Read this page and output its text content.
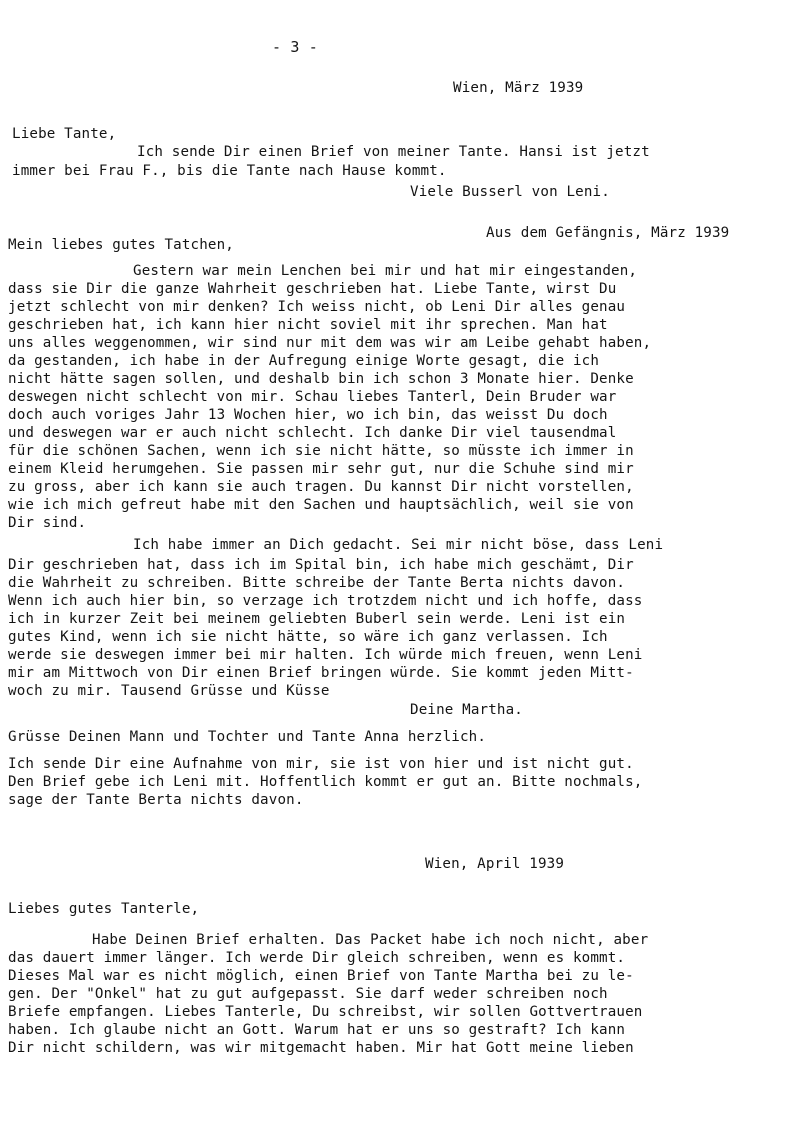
- 3 -
Wien, März 1939
Liebe Tante,
Ich sende Dir einen Brief von meiner Tante. Hansi ist jetzt
immer bei Frau F., bis die Tante nach Hause kommt.
Viele Busserl von Leni.
Aus dem Gefängnis, März 1939
Mein liebes gutes Tatchen,
Gestern war mein Lenchen bei mir und hat mir eingestanden,
dass sie Dir die ganze Wahrheit geschrieben hat. Liebe Tante, wirst Du
jetzt schlecht von mir denken? Ich weiss nicht, ob Leni Dir alles genau
geschrieben hat, ich kann hier nicht soviel mit ihr sprechen. Man hat
uns alles weggenommen, wir sind nur mit dem was wir am Leibe gehabt haben,
da gestanden, ich habe in der Aufregung einige Worte gesagt, die ich
nicht hätte sagen sollen, und deshalb bin ich schon 3 Monate hier. Denke
deswegen nicht schlecht von mir. Schau liebes Tanterl, Dein Bruder war
doch auch voriges Jahr 13 Wochen hier, wo ich bin, das weisst Du doch
und deswegen war er auch nicht schlecht. Ich danke Dir viel tausendmal
für die schönen Sachen, wenn ich sie nicht hätte, so müsste ich immer in
einem Kleid herumgehen. Sie passen mir sehr gut, nur die Schuhe sind mir
zu gross, aber ich kann sie auch tragen. Du kannst Dir nicht vorstellen,
wie ich mich gefreut habe mit den Sachen und hauptsächlich, weil sie von
Dir sind.
Ich habe immer an Dich gedacht. Sei mir nicht böse, dass Leni
Dir geschrieben hat, dass ich im Spital bin, ich habe mich geschämt, Dir
die Wahrheit zu schreiben. Bitte schreibe der Tante Berta nichts davon.
Wenn ich auch hier bin, so verzage ich trotzdem nicht und ich hoffe, dass
ich in kurzer Zeit bei meinem geliebten Buberl sein werde. Leni ist ein
gutes Kind, wenn ich sie nicht hätte, so wäre ich ganz verlassen. Ich
werde sie deswegen immer bei mir halten. Ich würde mich freuen, wenn Leni
mir am Mittwoch von Dir einen Brief bringen würde. Sie kommt jeden Mitt-
woch zu mir. Tausend Grüsse und Küsse
Deine Martha.
Grüsse Deinen Mann und Tochter und Tante Anna herzlich.
Ich sende Dir eine Aufnahme von mir, sie ist von hier und ist nicht gut.
Den Brief gebe ich Leni mit. Hoffentlich kommt er gut an. Bitte nochmals,
sage der Tante Berta nichts davon.
Wien, April 1939
Liebes gutes Tanterle,
Habe Deinen Brief erhalten. Das Packet habe ich noch nicht, aber
das dauert immer länger. Ich werde Dir gleich schreiben, wenn es kommt.
Dieses Mal war es nicht möglich, einen Brief von Tante Martha bei zu le-
gen. Der "Onkel" hat zu gut aufgepasst. Sie darf weder schreiben noch
Briefe empfangen. Liebes Tanterle, Du schreibst, wir sollen Gottvertrauen
haben. Ich glaube nicht an Gott. Warum hat er uns so gestraft? Ich kann
Dir nicht schildern, was wir mitgemacht haben. Mir hat Gott meine lieben
